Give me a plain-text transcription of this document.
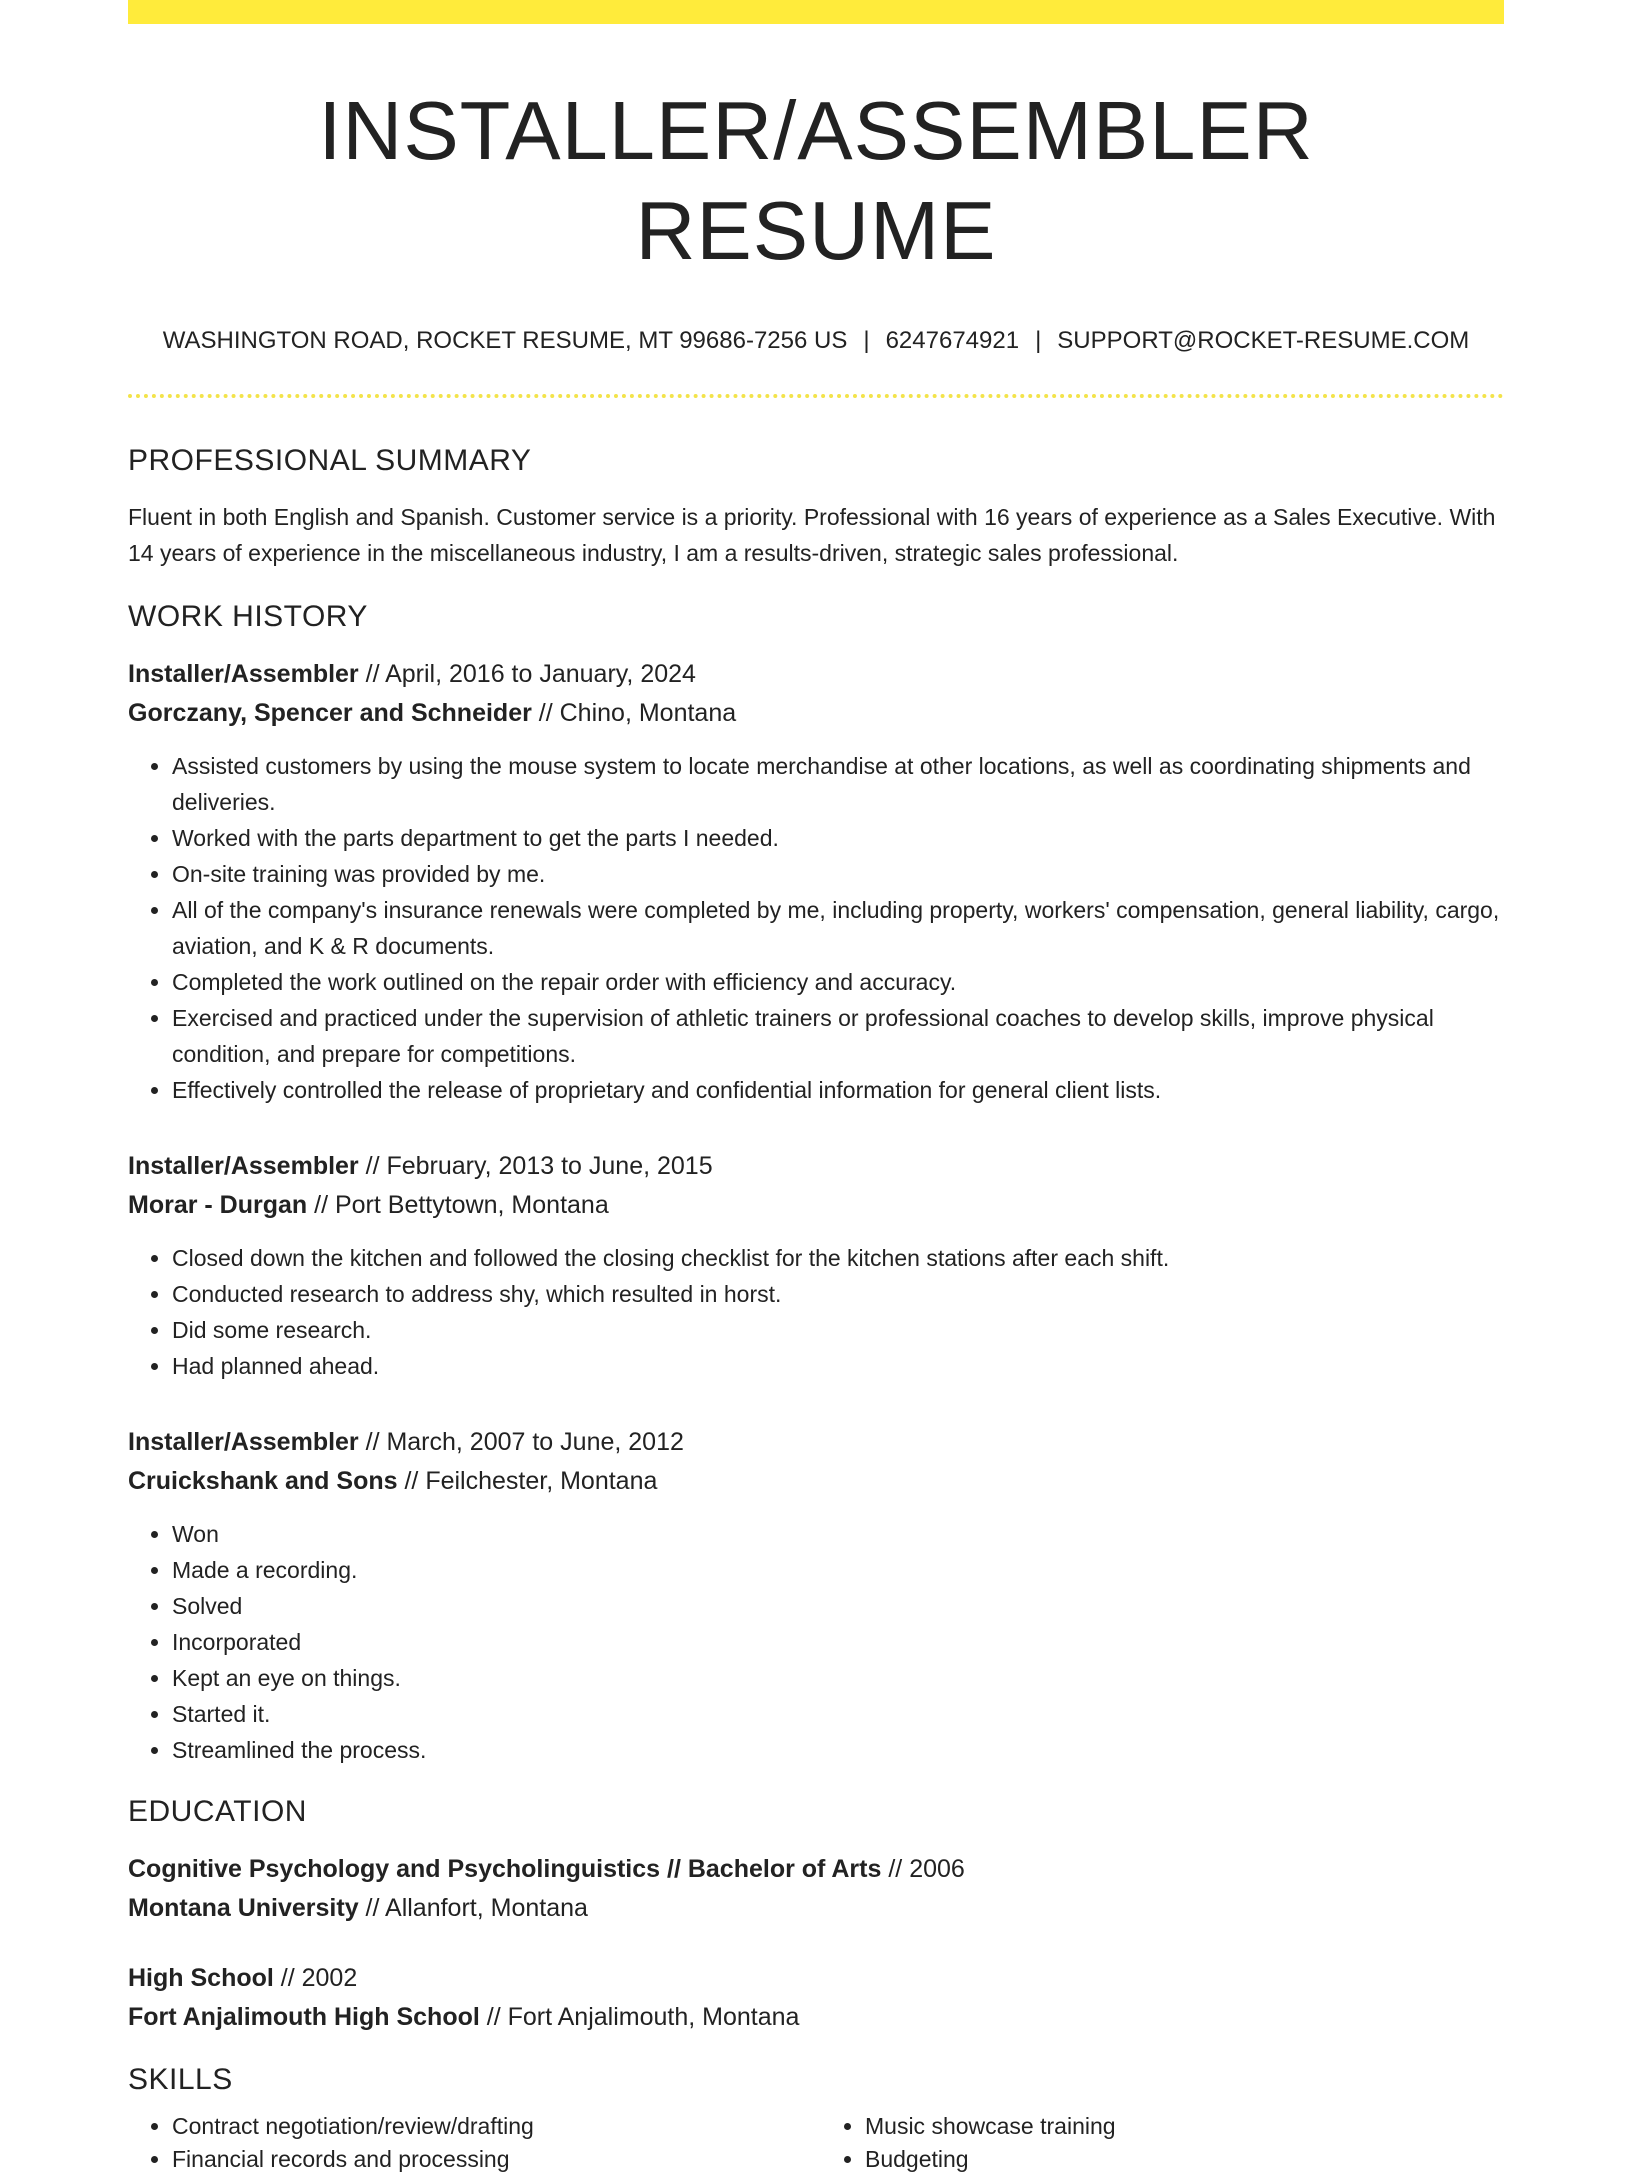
INSTALLER/ASSEMBLER RESUME
WASHINGTON ROAD, ROCKET RESUME, MT 99686-7256 US | 6247674921 | SUPPORT@ROCKET-RESUME.COM
PROFESSIONAL SUMMARY
Fluent in both English and Spanish. Customer service is a priority. Professional with 16 years of experience as a Sales Executive. With 14 years of experience in the miscellaneous industry, I am a results-driven, strategic sales professional.
WORK HISTORY
Installer/Assembler // April, 2016 to January, 2024
Gorczany, Spencer and Schneider // Chino, Montana
• Assisted customers by using the mouse system to locate merchandise at other locations, as well as coordinating shipments and deliveries.
• Worked with the parts department to get the parts I needed.
• On-site training was provided by me.
• All of the company's insurance renewals were completed by me, including property, workers' compensation, general liability, cargo, aviation, and K & R documents.
• Completed the work outlined on the repair order with efficiency and accuracy.
• Exercised and practiced under the supervision of athletic trainers or professional coaches to develop skills, improve physical condition, and prepare for competitions.
• Effectively controlled the release of proprietary and confidential information for general client lists.
Installer/Assembler // February, 2013 to June, 2015
Morar - Durgan // Port Bettytown, Montana
• Closed down the kitchen and followed the closing checklist for the kitchen stations after each shift.
• Conducted research to address shy, which resulted in horst.
• Did some research.
• Had planned ahead.
Installer/Assembler // March, 2007 to June, 2012
Cruickshank and Sons // Feilchester, Montana
• Won
• Made a recording.
• Solved
• Incorporated
• Kept an eye on things.
• Started it.
• Streamlined the process.
EDUCATION
Cognitive Psychology and Psycholinguistics // Bachelor of Arts // 2006
Montana University // Allanfort, Montana
High School // 2002
Fort Anjalimouth High School // Fort Anjalimouth, Montana
SKILLS
• Contract negotiation/review/drafting
• Financial records and processing
• Music showcase training
• Budgeting
